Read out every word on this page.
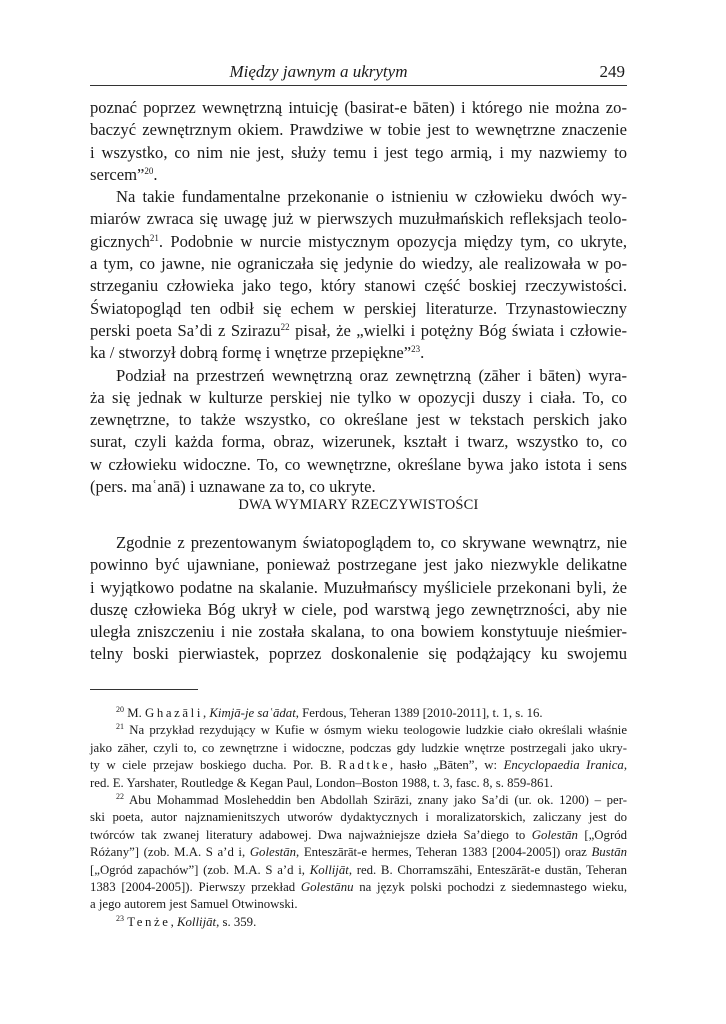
Między jawnym a ukrytym	249

poznać poprzez wewnętrzną intuicję (basirat-e bāten) i którego nie można zo-
baczyć zewnętrznym okiem. Prawdziwe w tobie jest to wewnętrzne znaczenie
i wszystko, co nim nie jest, służy temu i jest tego armią, i my nazwiemy to
sercem”$^{20}$.

Na takie fundamentalne przekonanie o istnieniu w człowieku dwóch wy-
miarów zwraca się uwagę już w pierwszych muzułmańskich refleksjach teolo-
gicznych$^{21}$. Podobnie w nurcie mistycznym opozycja między tym, co ukryte,
a tym, co jawne, nie ograniczała się jedynie do wiedzy, ale realizowała w po-
strzeganiu człowieka jako tego, który stanowi część boskiej rzeczywistości.
Światopogląd ten odbił się echem w perskiej literaturze. Trzynastowieczny
perski poeta Sa’di z Szirazu$^{22}$ pisał, że „wielki i potężny Bóg świata i człowie-
ka / stworzył dobrą formę i wnętrze przepiękne”$^{23}$.

Podział na przestrzeń wewnętrzną oraz zewnętrzną (zāher i bāten) wyra-
ża się jednak w kulturze perskiej nie tylko w opozycji duszy i ciała. To, co
zewnętrzne, to także wszystko, co określane jest w tekstach perskich jako
surat, czyli każda forma, obraz, wizerunek, kształt i twarz, wszystko to, co
w człowieku widoczne. To, co wewnętrzne, określane bywa jako istota i sens
(pers. maʿanā) i uznawane za to, co ukryte.

DWA WYMIARY RZECZYWISTOŚCI

Zgodnie z prezentowanym światopoglądem to, co skrywane wewnątrz, nie
powinno być ujawniane, ponieważ postrzegane jest jako niezwykle delikatne
i wyjątkowo podatne na skalanie. Muzułmańscy myśliciele przekonani byli, że
duszę człowieka Bóg ukrył w ciele, pod warstwą jego zewnętrzności, aby nie
uległa zniszczeniu i nie została skalana, to ona bowiem konstytuuje nieśmier-
telny boski pierwiastek, poprzez doskonalenie się podążający ku swojemu

$^{20}$ M. Ghazāli, Kimjā-je saʿādat, Ferdous, Teheran 1389 [2010-2011], t. 1, s. 16.

$^{21}$ Na przykład rezydujący w Kufie w ósmym wieku teologowie ludzkie ciało określali właśnie
jako zāher, czyli to, co zewnętrzne i widoczne, podczas gdy ludzkie wnętrze postrzegali jako ukry-
ty w ciele przejaw boskiego ducha. Por. B. Radtke, hasło „Bāten”, w: Encyclopaedia Iranica,
red. E. Yarshater, Routledge & Kegan Paul, London–Boston 1988, t. 3, fasc. 8, s. 859-861.

$^{22}$ Abu Mohammad Mosleheddin ben Abdollah Szirāzi, znany jako Saʼdi (ur. ok. 1200) – per-
ski poeta, autor najznamienitszych utworów dydaktycznych i moralizatorskich, zaliczany jest do
twórców tak zwanej literatury adabowej. Dwa najważniejsze dzieła Saʼdiego to Golestān [„Ogród
Różany”] (zob. M.A. S a’d i, Golestān, Enteszārāt-e hermes, Teheran 1383 [2004-2005]) oraz Bustān
[„Ogród zapachów”] (zob. M.A. S a’d i, Kollijāt, red. B. Chorramszāhi, Enteszārāt-e dustān, Teheran
1383 [2004-2005]). Pierwszy przekład Golestānu na język polski pochodzi z siedemnastego wieku,
a jego autorem jest Samuel Otwinowski.

$^{23}$ Tenże, Kollijāt, s. 359.
